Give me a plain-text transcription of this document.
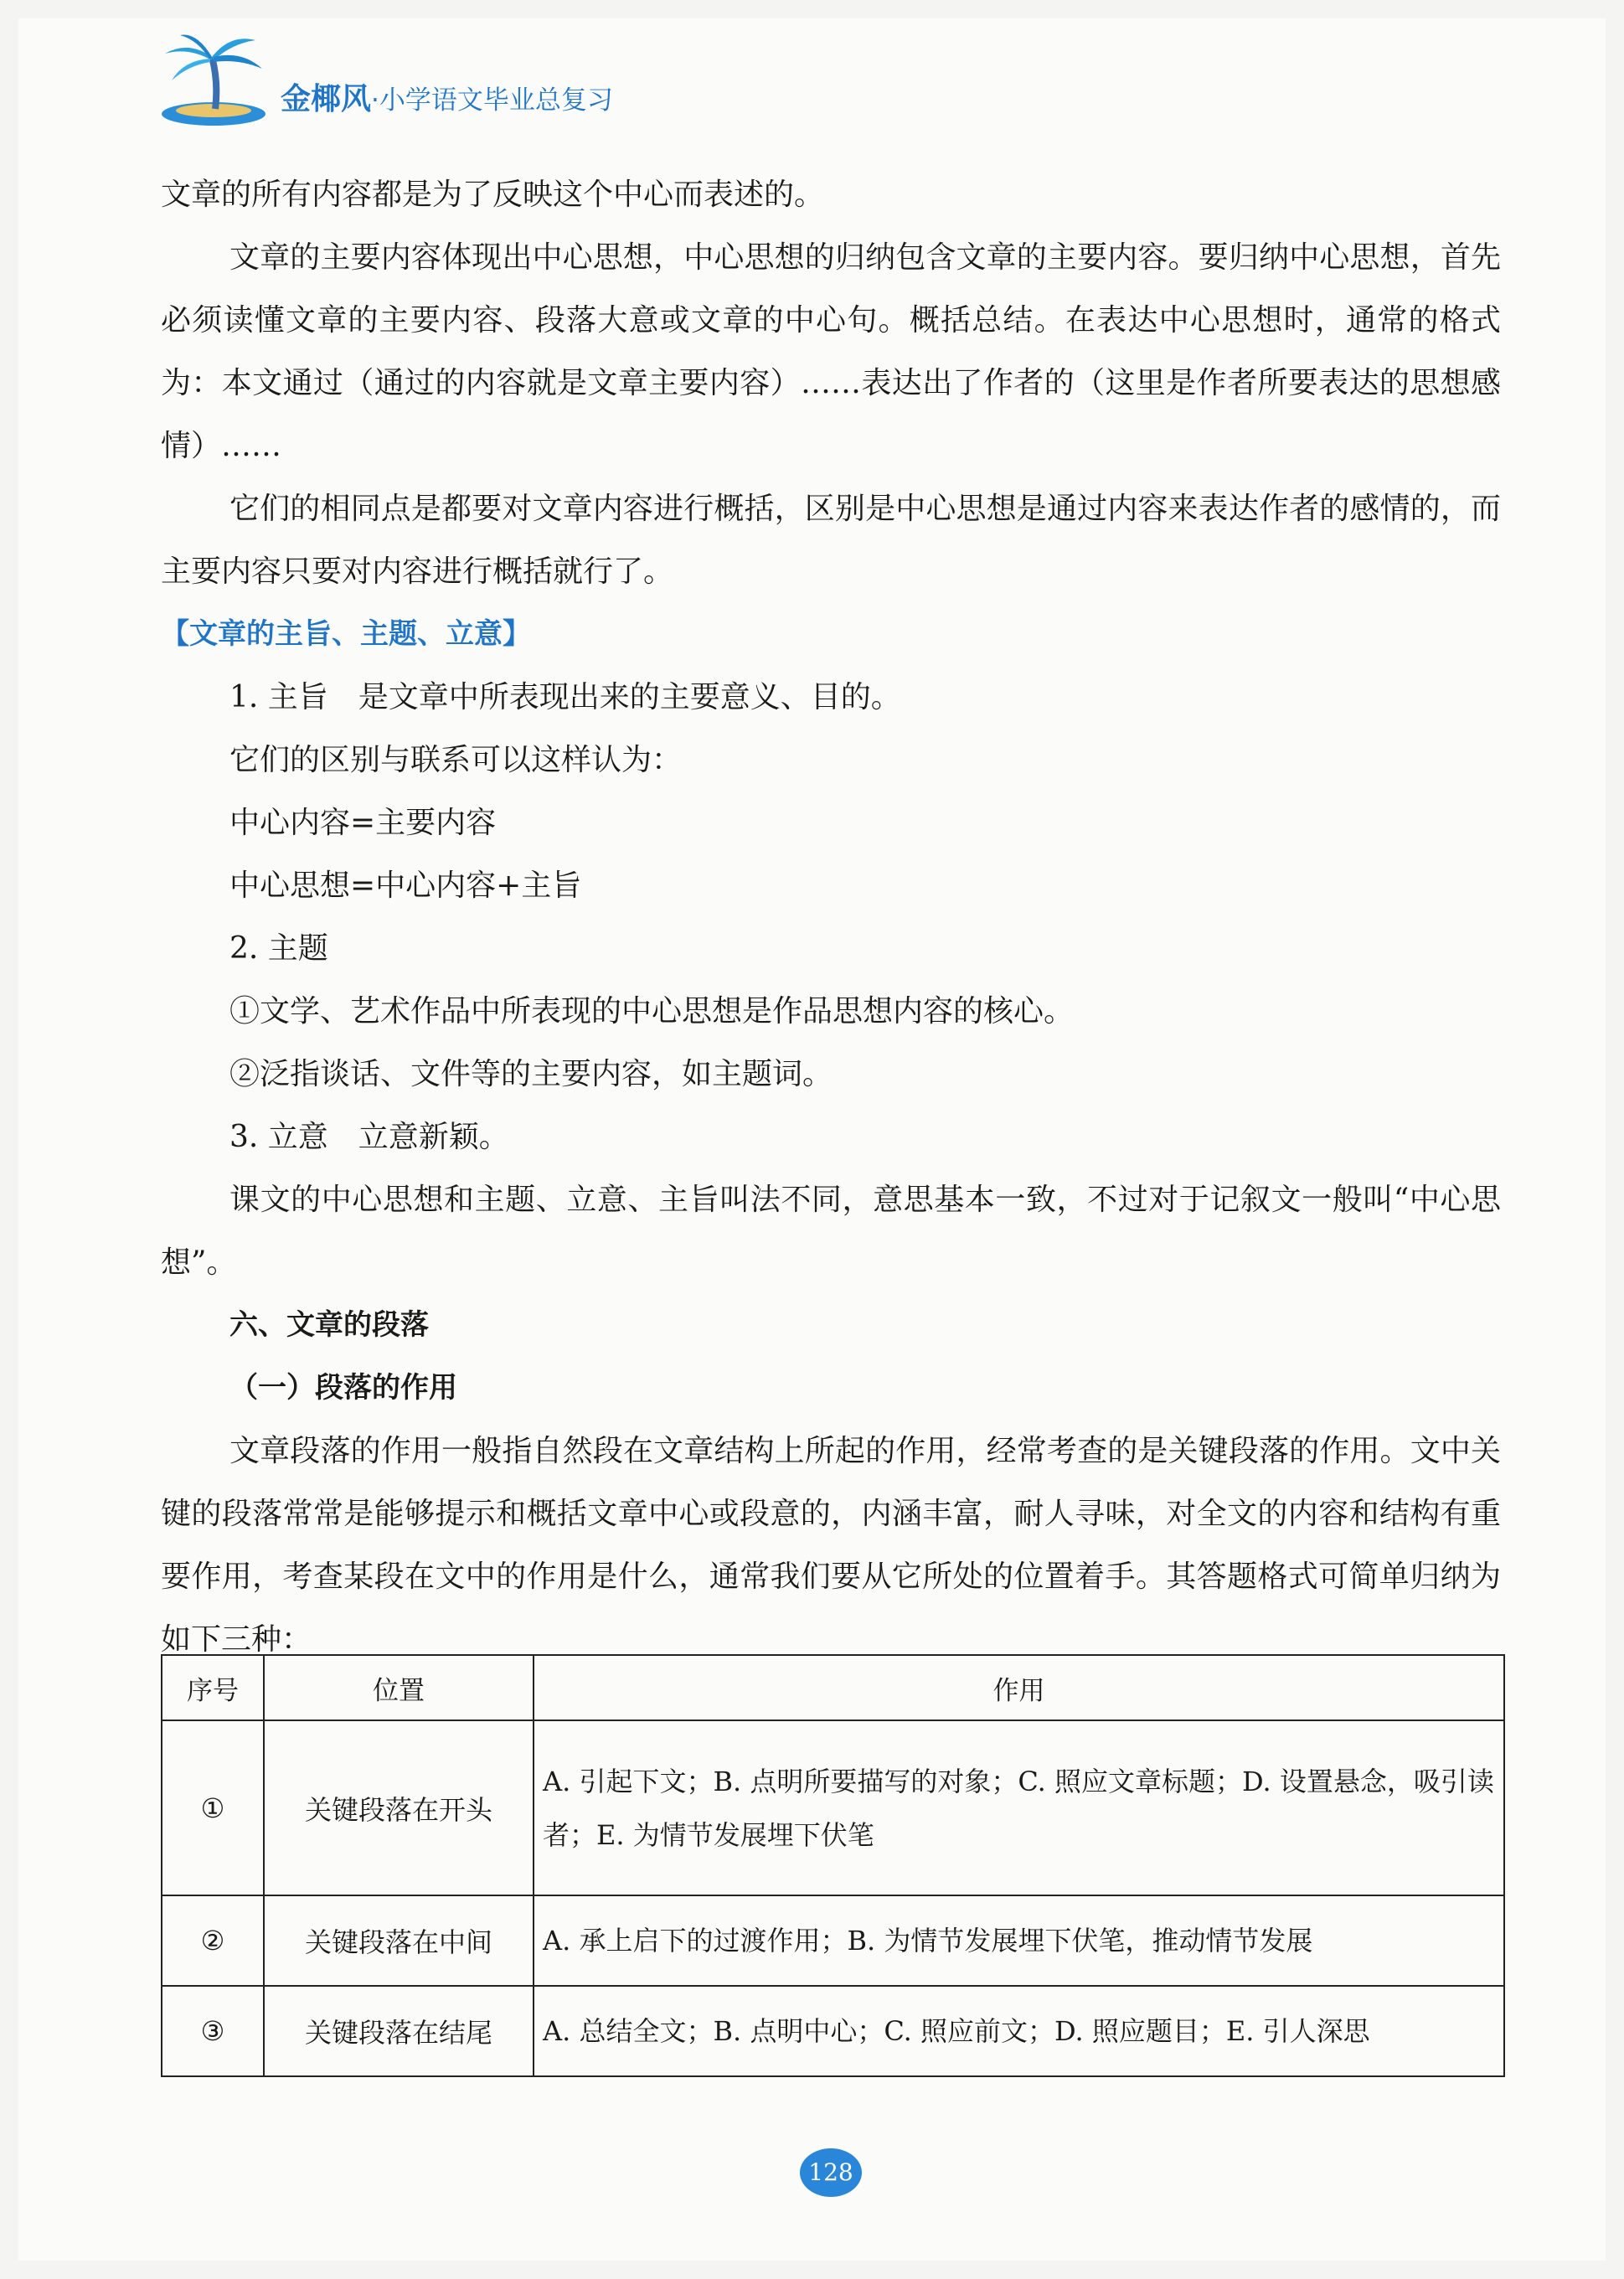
金椰风·小学语文毕业总复习

文章的所有内容都是为了反映这个中心而表述的。

文章的主要内容体现出中心思想，中心思想的归纳包含文章的主要内容。要归纳中心思想，首先必须读懂文章的主要内容、段落大意或文章的中心句。概括总结。在表达中心思想时，通常的格式为：本文通过（通过的内容就是文章主要内容）……表达出了作者的（这里是作者所要表达的思想感情）……

它们的相同点是都要对文章内容进行概括，区别是中心思想是通过内容来表达作者的感情的，而主要内容只要对内容进行概括就行了。

【文章的主旨、主题、立意】

1. 主旨　是文章中所表现出来的主要意义、目的。

它们的区别与联系可以这样认为：

中心内容=主要内容

中心思想=中心内容+主旨

2. 主题

①文学、艺术作品中所表现的中心思想是作品思想内容的核心。

②泛指谈话、文件等的主要内容，如主题词。

3. 立意　立意新颖。

课文的中心思想和主题、立意、主旨叫法不同，意思基本一致，不过对于记叙文一般叫“中心思想”。

六、文章的段落
（一）段落的作用

文章段落的作用一般指自然段在文章结构上所起的作用，经常考查的是关键段落的作用。文中关键的段落常常是能够提示和概括文章中心或段意的，内涵丰富，耐人寻味，对全文的内容和结构有重要作用，考查某段在文中的作用是什么，通常我们要从它所处的位置着手。其答题格式可简单归纳为如下三种：

序号	位置	作用
①	关键段落在开头	A. 引起下文；B. 点明所要描写的对象；C. 照应文章标题；D. 设置悬念，吸引读者；E. 为情节发展埋下伏笔
②	关键段落在中间	A. 承上启下的过渡作用；B. 为情节发展埋下伏笔，推动情节发展
③	关键段落在结尾	A. 总结全文；B. 点明中心；C. 照应前文；D. 照应题目；E. 引人深思
128
